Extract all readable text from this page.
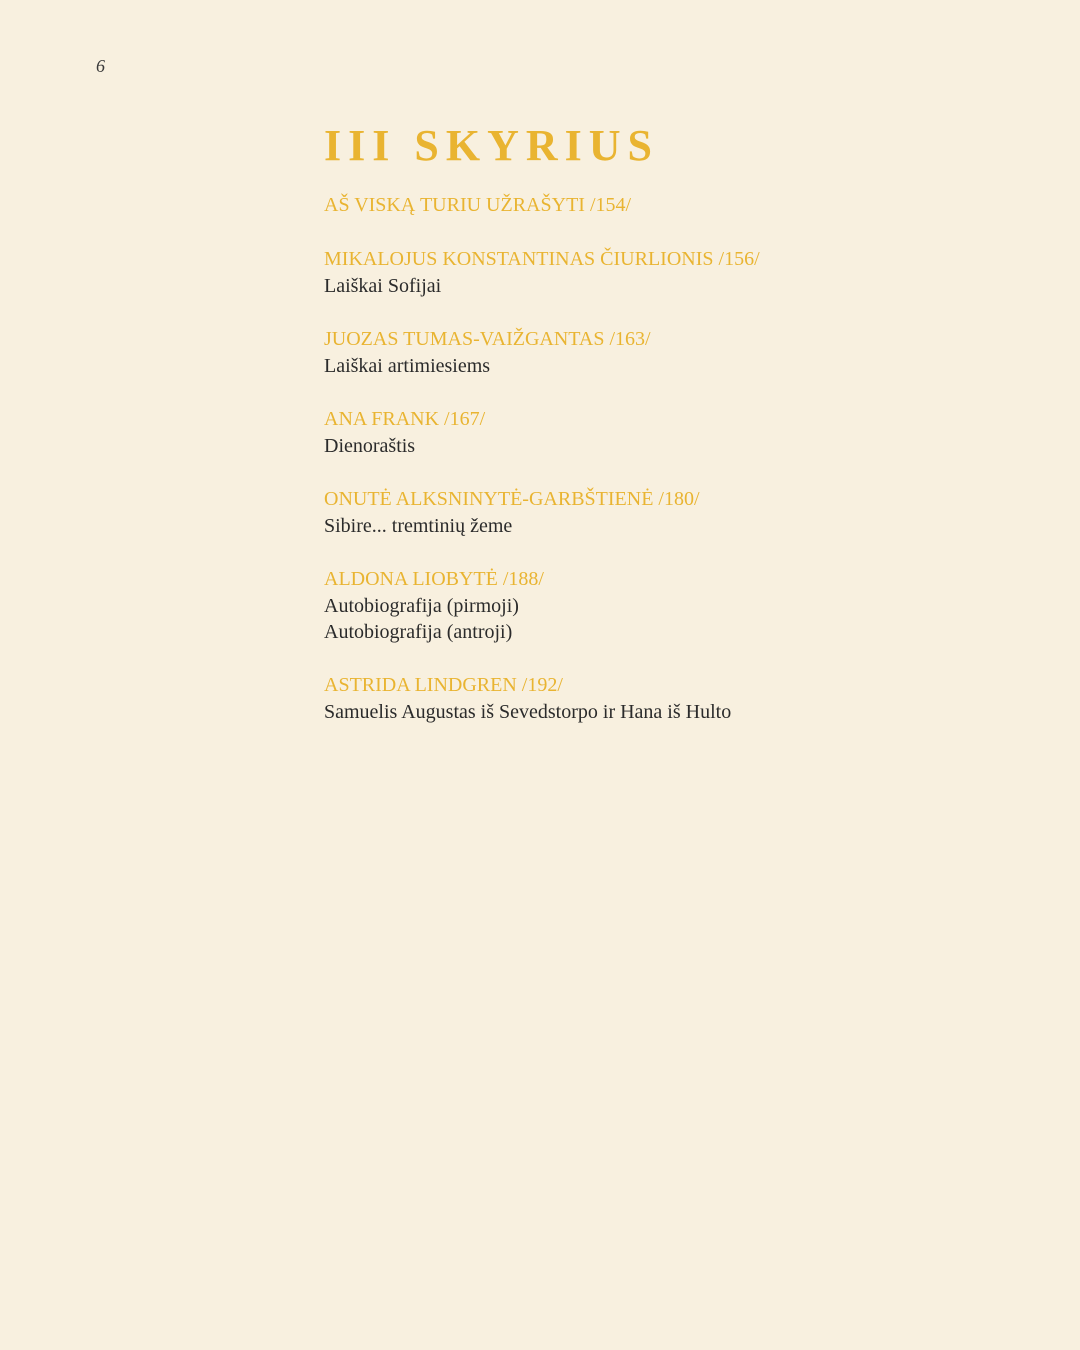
6
III SKYRIUS
AŠ VISKĄ TURIU UŽRAŠYTI /154/
MIKALOJUS KONSTANTINAS ČIURLIONIS /156/
Laiškai Sofijai
JUOZAS TUMAS-VAIŽGANTAS /163/
Laiškai artimiesiems
ANA FRANK /167/
Dienoraštis
ONUTĖ ALKSNINYTĖ-GARBŠTIENĖ /180/
Sibire... tremtinių žeme
ALDONA LIOBYTĖ /188/
Autobiografija (pirmoji)
Autobiografija (antroji)
ASTRIDA LINDGREN /192/
Samuelis Augustas iš Sevedstorpo ir Hana iš Hulto
